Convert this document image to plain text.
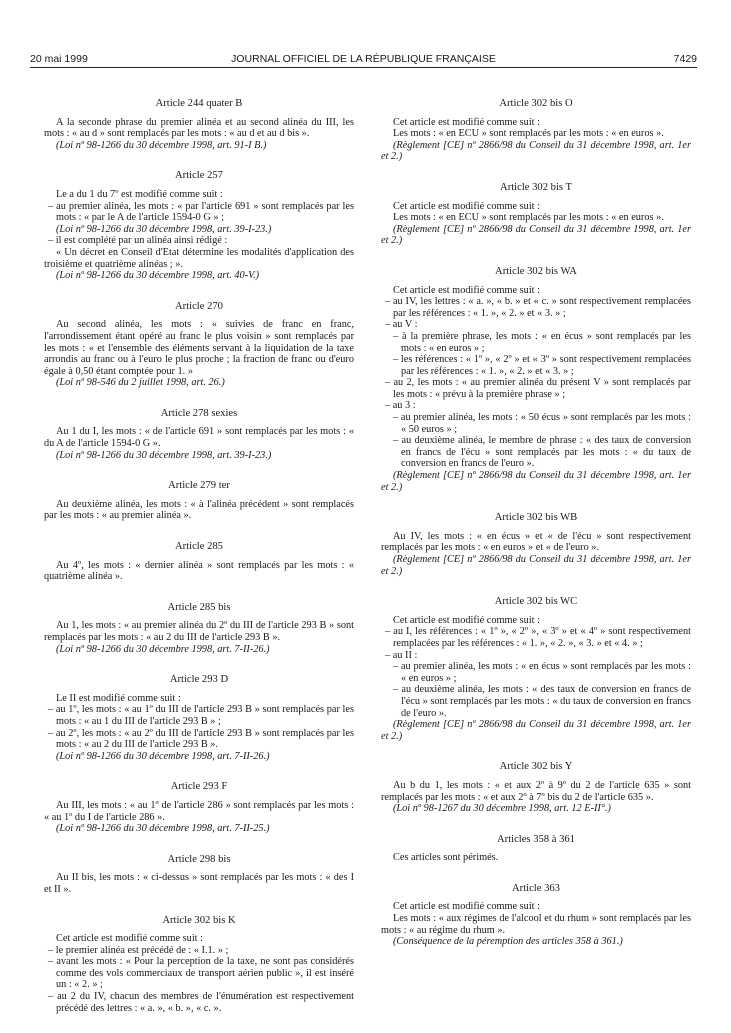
20 mai 1999	JOURNAL OFFICIEL DE LA RÉPUBLIQUE FRANÇAISE	7429
Article 244 quater B
A la seconde phrase du premier alinéa et au second alinéa du III, les mots : « au d » sont remplacés par les mots : « au d et au d bis ».
(Loi nº 98-1266 du 30 décembre 1998, art. 91-I B.)
Article 257
Le a du 1 du 7º est modifié comme suit :
– au premier alinéa, les mots : « par l'article 691 » sont remplacés par les mots : « par le A de l'article 1594-0 G » ;
(Loi nº 98-1266 du 30 décembre 1998, art. 39-I-23.)
– il est complété par un alinéa ainsi rédigé :
« Un décret en Conseil d'Etat détermine les modalités d'application des troisième et quatrième alinéas ; ».
(Loi nº 98-1266 du 30 décembre 1998, art. 40-V.)
Article 270
Au second alinéa, les mots : « suivies de franc en franc, l'arrondissement étant opéré au franc le plus voisin » sont remplacés par les mots : « et l'ensemble des éléments servant à la liquidation de la taxe arrondis au franc ou à l'euro le plus proche ; la fraction de franc ou d'euro égale à 0,50 étant comptée pour 1. »
(Loi nº 98-546 du 2 juillet 1998, art. 26.)
Article 278 sexies
Au 1 du I, les mots : « de l'article 691 » sont remplacés par les mots : « du A de l'article 1594-0 G ».
(Loi nº 98-1266 du 30 décembre 1998, art. 39-I-23.)
Article 279 ter
Au deuxième alinéa, les mots : « à l'alinéa précédent » sont remplacés par les mots : « au premier alinéa ».
Article 285
Au 4º, les mots : « dernier alinéa » sont remplacés par les mots : « quatrième alinéa ».
Article 285 bis
Au 1, les mots : « au premier alinéa du 2º du III de l'article 293 B » sont remplacés par les mots : « au 2 du III de l'article 293 B ».
(Loi nº 98-1266 du 30 décembre 1998, art. 7-II-26.)
Article 293 D
Le II est modifié comme suit :
– au 1º, les mots : « au 1º du III de l'article 293 B » sont remplacés par les mots : « au 1 du III de l'article 293 B » ;
– au 2º, les mots : « au 2º du III de l'article 293 B » sont remplacés par les mots : « au 2 du III de l'article 293 B ».
(Loi nº 98-1266 du 30 décembre 1998, art. 7-II-26.)
Article 293 F
Au III, les mots : « au 1º de l'article 286 » sont remplacés par les mots : « au 1º du I de l'article 286 ».
(Loi nº 98-1266 du 30 décembre 1998, art. 7-II-25.)
Article 298 bis
Au II bis, les mots : « ci-dessus » sont remplacés par les mots : « des I et II ».
Article 302 bis K
Cet article est modifié comme suit :
– le premier alinéa est précédé de : « I.1. » ;
– avant les mots : « Pour la perception de la taxe, ne sont pas considérés comme des vols commerciaux de transport aérien public », il est inséré un : « 2. » ;
– au 2 du IV, chacun des membres de l'énumération est respectivement précédé des lettres : « a. », « b. », « c. ».
Article 302 bis O
Cet article est modifié comme suit :
Les mots : « en ECU » sont remplacés par les mots : « en euros ».
(Règlement [CE] nº 2866/98 du Conseil du 31 décembre 1998, art. 1er et 2.)
Article 302 bis T
Cet article est modifié comme suit :
Les mots : « en ECU » sont remplacés par les mots : « en euros ».
(Règlement [CE] nº 2866/98 du Conseil du 31 décembre 1998, art. 1er et 2.)
Article 302 bis WA
Cet article est modifié comme suit :
– au IV, les lettres : « a. », « b. » et « c. » sont respectivement remplacées par les références : « 1. », « 2. » et « 3. » ;
– au V :
– à la première phrase, les mots : « en écus » sont remplacés par les mots : « en euros » ;
– les références : « 1º », « 2º » et « 3º » sont respectivement remplacées par les références : « 1. », « 2. » et « 3. » ;
– au 2, les mots : « au premier alinéa du présent V » sont remplacés par les mots : « prévu à la première phrase » ;
– au 3 :
– au premier alinéa, les mots : « 50 écus » sont remplacés par les mots : « 50 euros » ;
– au deuxième alinéa, le membre de phrase : « des taux de conversion en francs de l'écu » sont remplacés par les mots : « du taux de conversion en francs de l'euro ».
(Règlement [CE] nº 2866/98 du Conseil du 31 décembre 1998, art. 1er et 2.)
Article 302 bis WB
Au IV, les mots : « en écus » et « de l'écu » sont respectivement remplacés par les mots : « en euros » et « de l'euro ».
(Règlement [CE] nº 2866/98 du Conseil du 31 décembre 1998, art. 1er et 2.)
Article 302 bis WC
Cet article est modifié comme suit :
– au I, les références : « 1º », « 2º », « 3º » et « 4º » sont respectivement remplacées par les références : « 1. », « 2. », « 3. » et « 4. » ;
– au II :
– au premier alinéa, les mots : « en écus » sont remplacés par les mots : « en euros » ;
– au deuxième alinéa, les mots : « des taux de conversion en francs de l'écu » sont remplacés par les mots : « du taux de conversion en francs de l'euro ».
(Règlement [CE] nº 2866/98 du Conseil du 31 décembre 1998, art. 1er et 2.)
Article 302 bis Y
Au b du 1, les mots : « et aux 2º à 9º du 2 de l'article 635 » sont remplacés par les mots : « et aux 2º à 7º bis du 2 de l'article 635 ».
(Loi nº 98-1267 du 30 décembre 1998, art. 12 E-II°.)
Articles 358 à 361
Ces articles sont périmés.
Article 363
Cet article est modifié comme suit :
Les mots : « aux régimes de l'alcool et du rhum » sont remplacés par les mots : « au régime du rhum ».
(Conséquence de la péremption des articles 358 à 361.)
